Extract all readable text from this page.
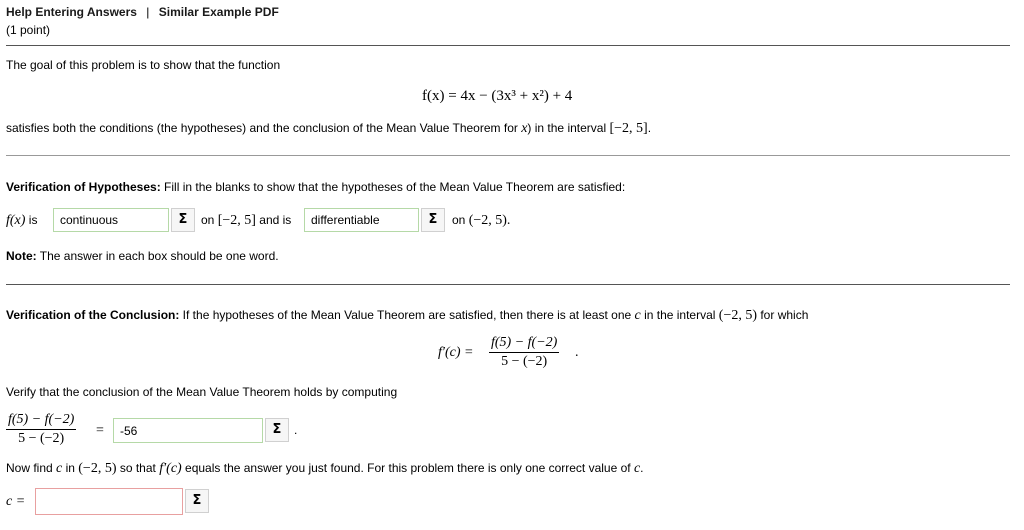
Help Entering Answers | Similar Example PDF
(1 point)
The goal of this problem is to show that the function
f(x) = 4x − (3x³ + x²) + 4
satisfies both the conditions (the hypotheses) and the conclusion of the Mean Value Theorem for x) in the interval [−2, 5].
Verification of Hypotheses: Fill in the blanks to show that the hypotheses of the Mean Value Theorem are satisfied:
f(x) is
continuous	Σ	on [−2, 5] and is
differentiable	Σ	on (−2, 5).
Note: The answer in each box should be one word.
Verification of the Conclusion: If the hypotheses of the Mean Value Theorem are satisfied, then there is at least one c in the interval (−2, 5) for which
$f'(c) = \frac{f(5) - f(-2)}{5 - (-2)}$ .
Verify that the conclusion of the Mean Value Theorem holds by computing
$\frac{f(5) - f(-2)}{5 - (-2)}$ =
-56	Σ	.
Now find c in (−2, 5) so that f′(c) equals the answer you just found. For this problem there is only one correct value of c.
c =	Σ
